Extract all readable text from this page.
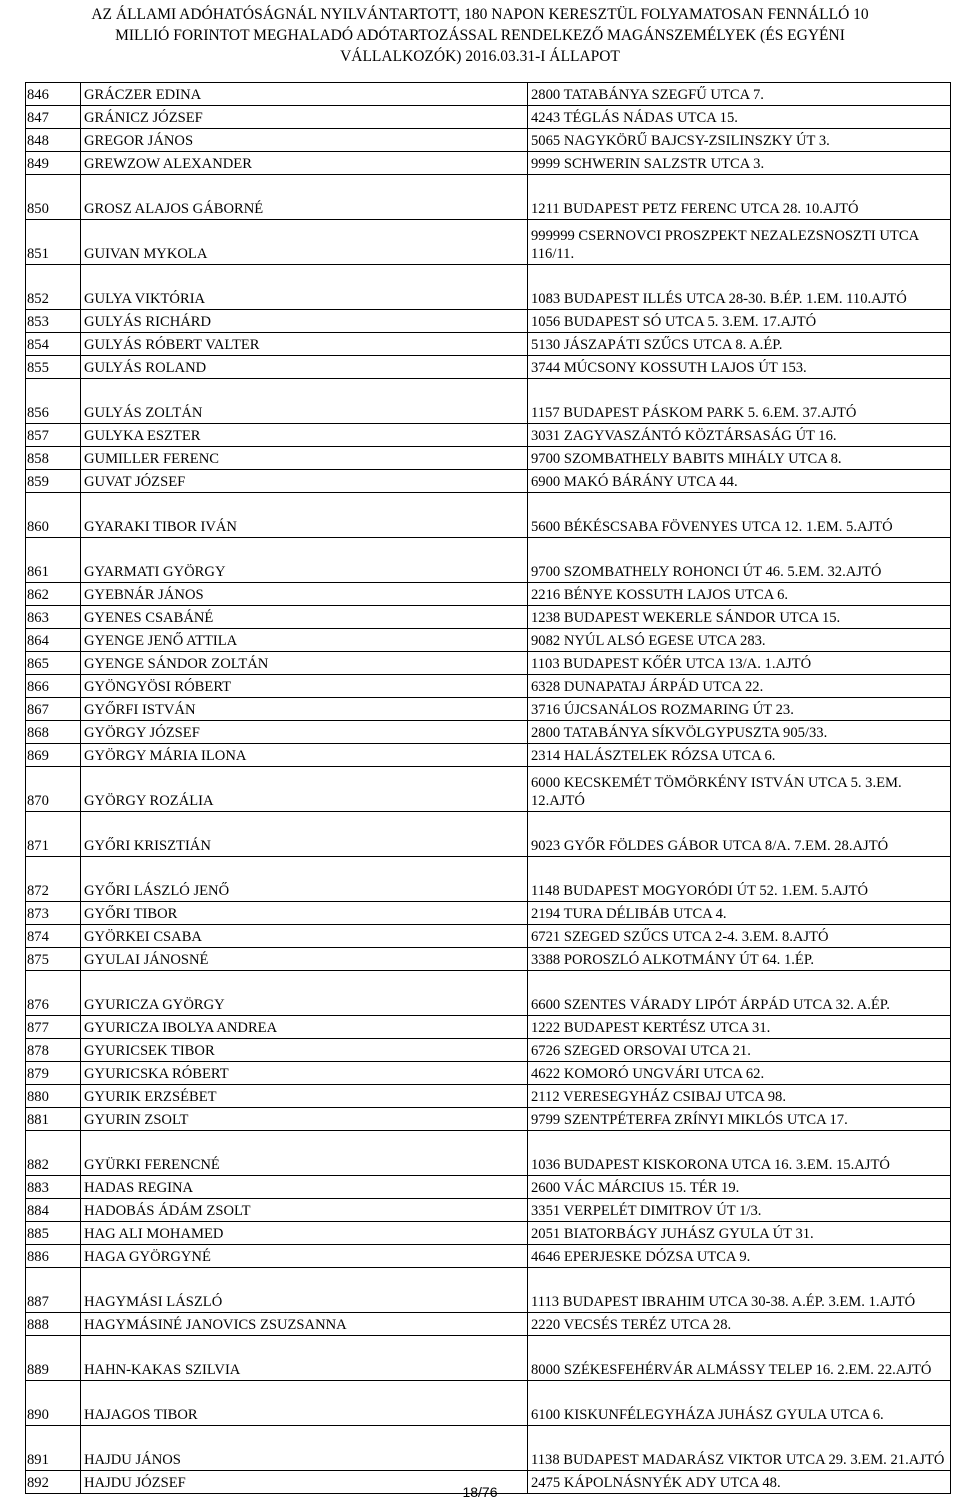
AZ ÁLLAMI ADÓHATÓSÁGNÁL NYILVÁNTARTOTT, 180 NAPON KERESZTÜL FOLYAMATOSAN FENNÁLLÓ 10
MILLIÓ FORINTOT MEGHALADÓ ADÓTARTOZÁSSAL RENDELKEZŐ MAGÁNSZEMÉLYEK (ÉS EGYÉNI
VÁLLALKOZÓK) 2016.03.31-I ÁLLAPOT
846	GRÁCZER EDINA	2800 TATABÁNYA SZEGFŰ UTCA 7.
847	GRÁNICZ JÓZSEF	4243 TÉGLÁS NÁDAS UTCA 15.
848	GREGOR JÁNOS	5065 NAGYKÖRŰ BAJCSY-ZSILINSZKY ÚT 3.
849	GREWZOW ALEXANDER	9999 SCHWERIN SALZSTR UTCA 3.
850	GROSZ ALAJOS GÁBORNÉ	1211 BUDAPEST PETZ FERENC UTCA 28. 10.AJTÓ
851	GUIVAN MYKOLA	999999 CSERNOVCI PROSZPEKT NEZALEZSNOSZTI UTCA 116/11.
852	GULYA VIKTÓRIA	1083 BUDAPEST ILLÉS UTCA 28-30. B.ÉP. 1.EM. 110.AJTÓ
853	GULYÁS RICHÁRD	1056 BUDAPEST SÓ UTCA 5. 3.EM. 17.AJTÓ
854	GULYÁS RÓBERT VALTER	5130 JÁSZAPÁTI SZŰCS UTCA 8. A.ÉP.
855	GULYÁS ROLAND	3744 MÚCSONY KOSSUTH LAJOS ÚT 153.
856	GULYÁS ZOLTÁN	1157 BUDAPEST PÁSKOM PARK 5. 6.EM. 37.AJTÓ
857	GULYKA ESZTER	3031 ZAGYVASZÁNTÓ KÖZTÁRSASÁG ÚT 16.
858	GUMILLER FERENC	9700 SZOMBATHELY BABITS MIHÁLY UTCA 8.
859	GUVAT JÓZSEF	6900 MAKÓ BÁRÁNY UTCA 44.
860	GYARAKI TIBOR IVÁN	5600 BÉKÉSCSABA FÖVENYES UTCA 12. 1.EM. 5.AJTÓ
861	GYARMATI GYÖRGY	9700 SZOMBATHELY ROHONCI ÚT 46. 5.EM. 32.AJTÓ
862	GYEBNÁR JÁNOS	2216 BÉNYE KOSSUTH LAJOS UTCA 6.
863	GYENES CSABÁNÉ	1238 BUDAPEST WEKERLE SÁNDOR UTCA 15.
864	GYENGE JENŐ ATTILA	9082 NYÚL ALSÓ EGESE UTCA 283.
865	GYENGE SÁNDOR ZOLTÁN	1103 BUDAPEST KŐÉR UTCA 13/A. 1.AJTÓ
866	GYÖNGYÖSI RÓBERT	6328 DUNAPATAJ ÁRPÁD UTCA 22.
867	GYŐRFI ISTVÁN	3716 ÚJCSANÁLOS ROZMARING ÚT 23.
868	GYÖRGY JÓZSEF	2800 TATABÁNYA SÍKVÖLGYPUSZTA 905/33.
869	GYÖRGY MÁRIA ILONA	2314 HALÁSZTELEK RÓZSA UTCA 6.
870	GYÖRGY ROZÁLIA	6000 KECSKEMÉT TÖMÖRKÉNY ISTVÁN UTCA 5. 3.EM. 12.AJTÓ
871	GYŐRI KRISZTIÁN	9023 GYŐR FÖLDES GÁBOR UTCA 8/A. 7.EM. 28.AJTÓ
872	GYŐRI LÁSZLÓ JENŐ	1148 BUDAPEST MOGYORÓDI ÚT 52. 1.EM. 5.AJTÓ
873	GYŐRI TIBOR	2194 TURA DÉLIBÁB UTCA 4.
874	GYÖRKEI CSABA	6721 SZEGED SZŰCS UTCA 2-4. 3.EM. 8.AJTÓ
875	GYULAI JÁNOSNÉ	3388 POROSZLÓ ALKOTMÁNY ÚT 64. 1.ÉP.
876	GYURICZA GYÖRGY	6600 SZENTES VÁRADY LIPÓT ÁRPÁD UTCA 32. A.ÉP.
877	GYURICZA IBOLYA ANDREA	1222 BUDAPEST KERTÉSZ UTCA 31.
878	GYURICSEK TIBOR	6726 SZEGED ORSOVAI UTCA 21.
879	GYURICSKA RÓBERT	4622 KOMORÓ UNGVÁRI UTCA 62.
880	GYURIK ERZSÉBET	2112 VERESEGYHÁZ CSIBAJ UTCA 98.
881	GYURIN ZSOLT	9799 SZENTPÉTERFA ZRÍNYI MIKLÓS UTCA 17.
882	GYÜRKI FERENCNÉ	1036 BUDAPEST KISKORONA UTCA 16. 3.EM. 15.AJTÓ
883	HADAS REGINA	2600 VÁC MÁRCIUS 15. TÉR 19.
884	HADOBÁS ÁDÁM ZSOLT	3351 VERPELÉT DIMITROV ÚT 1/3.
885	HAG ALI MOHAMED	2051 BIATORBÁGY JUHÁSZ GYULA ÚT 31.
886	HAGA GYÖRGYNÉ	4646 EPERJESKE DÓZSA UTCA 9.
887	HAGYMÁSI LÁSZLÓ	1113 BUDAPEST IBRAHIM UTCA 30-38. A.ÉP. 3.EM. 1.AJTÓ
888	HAGYMÁSINÉ JANOVICS ZSUZSANNA	2220 VECSÉS TERÉZ UTCA 28.
889	HAHN-KAKAS SZILVIA	8000 SZÉKESFEHÉRVÁR ALMÁSSY TELEP 16. 2.EM. 22.AJTÓ
890	HAJAGOS TIBOR	6100 KISKUNFÉLEGYHÁZA JUHÁSZ GYULA UTCA 6.
891	HAJDU JÁNOS	1138 BUDAPEST MADARÁSZ VIKTOR UTCA 29. 3.EM. 21.AJTÓ
892	HAJDU JÓZSEF	2475 KÁPOLNÁSNYÉK ADY UTCA 48.
18/76
